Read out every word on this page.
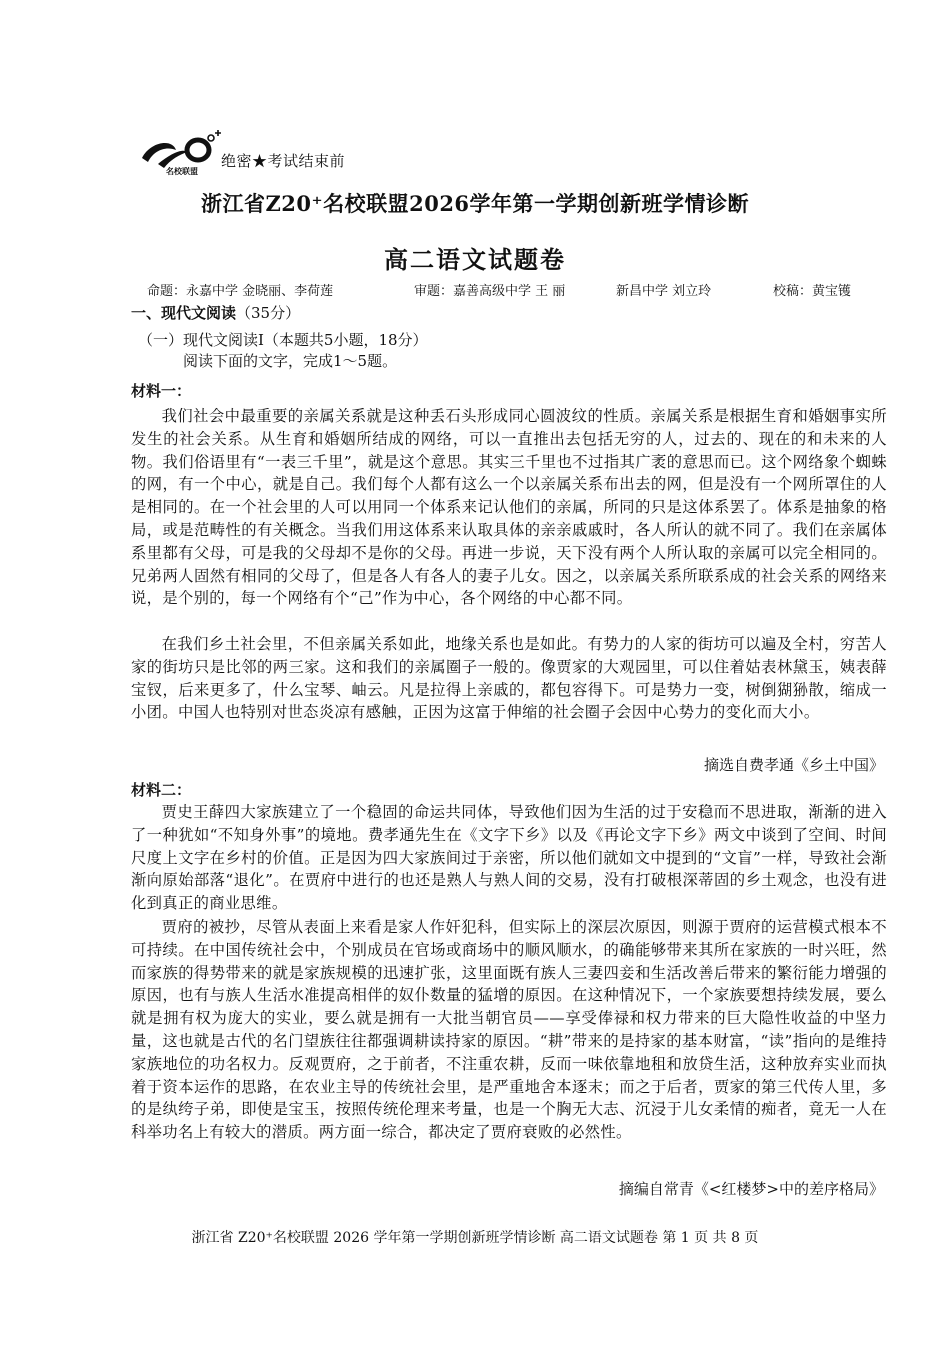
名校联盟
绝密★考试结束前
浙江省Z20⁺名校联盟2026学年第一学期创新班学情诊断
高二语文试题卷
命题：永嘉中学 金晓丽、李荷莲	审题：嘉善高级中学 王 丽	新昌中学 刘立玲	校稿：黄宝镬
一、现代文阅读（35分）
（一）现代文阅读Ⅰ（本题共5小题，18分）
阅读下面的文字，完成1～5题。
材料一：

我们社会中最重要的亲属关系就是这种丢石头形成同心圆波纹的性质。亲属关系是根据生育和婚姻事实所发生的社会关系。从生育和婚姻所结成的网络，可以一直推出去包括无穷的人，过去的、现在的和未来的人物。我们俗语里有“一表三千里”，就是这个意思。其实三千里也不过指其广袤的意思而已。这个网络象个蜘蛛的网，有一个中心，就是自己。我们每个人都有这么一个以亲属关系布出去的网，但是没有一个网所罩住的人是相同的。在一个社会里的人可以用同一个体系来记认他们的亲属，所同的只是这体系罢了。体系是抽象的格局，或是范畴性的有关概念。当我们用这体系来认取具体的亲亲戚戚时，各人所认的就不同了。我们在亲属体系里都有父母，可是我的父母却不是你的父母。再进一步说，天下没有两个人所认取的亲属可以完全相同的。兄弟两人固然有相同的父母了，但是各人有各人的妻子儿女。因之，以亲属关系所联系成的社会关系的网络来说，是个别的，每一个网络有个“己”作为中心，各个网络的中心都不同。

在我们乡土社会里，不但亲属关系如此，地缘关系也是如此。有势力的人家的街坊可以遍及全村，穷苦人家的街坊只是比邻的两三家。这和我们的亲属圈子一般的。像贾家的大观园里，可以住着姑表林黛玉，姨表薛宝钗，后来更多了，什么宝琴、岫云。凡是拉得上亲戚的，都包容得下。可是势力一变，树倒猢狲散，缩成一小团。中国人也特别对世态炎凉有感触，正因为这富于伸缩的社会圈子会因中心势力的变化而大小。

摘选自费孝通《乡土中国》
材料二：

贾史王薛四大家族建立了一个稳固的命运共同体，导致他们因为生活的过于安稳而不思进取，渐渐的进入了一种犹如“不知身外事”的境地。费孝通先生在《文字下乡》以及《再论文字下乡》两文中谈到了空间、时间尺度上文字在乡村的价值。正是因为四大家族间过于亲密，所以他们就如文中提到的“文盲”一样，导致社会渐渐向原始部落“退化”。在贾府中进行的也还是熟人与熟人间的交易，没有打破根深蒂固的乡土观念，也没有进化到真正的商业思维。

贾府的被抄，尽管从表面上来看是家人作奸犯科，但实际上的深层次原因，则源于贾府的运营模式根本不可持续。在中国传统社会中，个别成员在官场或商场中的顺风顺水，的确能够带来其所在家族的一时兴旺，然而家族的得势带来的就是家族规模的迅速扩张，这里面既有族人三妻四妾和生活改善后带来的繁衍能力增强的原因，也有与族人生活水准提高相伴的奴仆数量的猛增的原因。在这种情况下，一个家族要想持续发展，要么就是拥有权为庞大的实业，要么就是拥有一大批当朝官员——享受俸禄和权力带来的巨大隐性收益的中坚力量，这也就是古代的名门望族往往都强调耕读持家的原因。“耕”带来的是持家的基本财富，“读”指向的是维持家族地位的功名权力。反观贾府，之于前者，不注重农耕，反而一味依靠地租和放贷生活，这种放弃实业而执着于资本运作的思路，在农业主导的传统社会里，是严重地舍本逐末；而之于后者，贾家的第三代传人里，多的是纨绔子弟，即使是宝玉，按照传统伦理来考量，也是一个胸无大志、沉浸于儿女柔情的痴者，竟无一人在科举功名上有较大的潜质。两方面一综合，都决定了贾府衰败的必然性。

摘编自常青《<红楼梦>中的差序格局》
浙江省 Z20⁺名校联盟 2026 学年第一学期创新班学情诊断 高二语文试题卷 第 1 页 共 8 页
